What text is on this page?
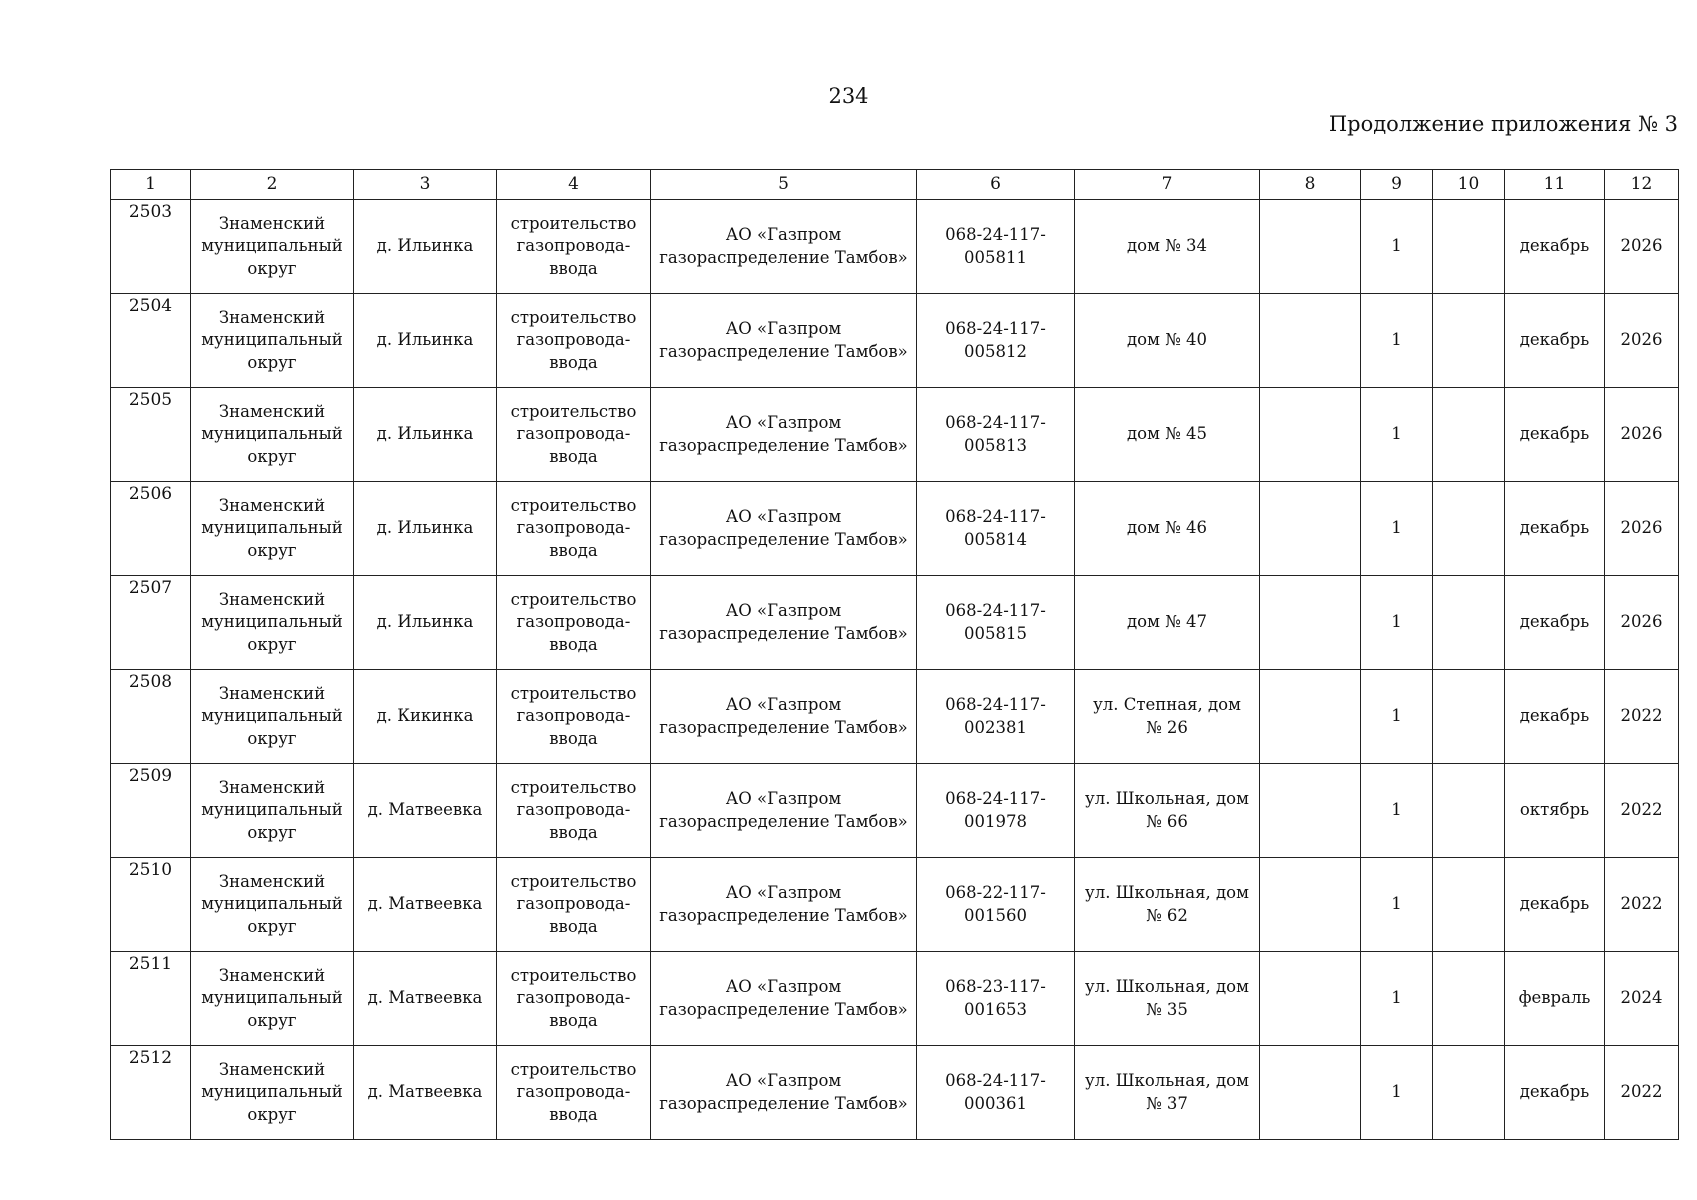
234
Продолжение приложения № 3
1	2	3	4	5	6	7	8	9	10	11	12
2503	Знаменский
муниципальный
округ	д. Ильинка	строительство
газопровода-
ввода	АО «Газпром
газораспределение Тамбов»	068-24-117-
005811	дом № 34		1		декабрь	2026
2504	Знаменский
муниципальный
округ	д. Ильинка	строительство
газопровода-
ввода	АО «Газпром
газораспределение Тамбов»	068-24-117-
005812	дом № 40		1		декабрь	2026
2505	Знаменский
муниципальный
округ	д. Ильинка	строительство
газопровода-
ввода	АО «Газпром
газораспределение Тамбов»	068-24-117-
005813	дом № 45		1		декабрь	2026
2506	Знаменский
муниципальный
округ	д. Ильинка	строительство
газопровода-
ввода	АО «Газпром
газораспределение Тамбов»	068-24-117-
005814	дом № 46		1		декабрь	2026
2507	Знаменский
муниципальный
округ	д. Ильинка	строительство
газопровода-
ввода	АО «Газпром
газораспределение Тамбов»	068-24-117-
005815	дом № 47		1		декабрь	2026
2508	Знаменский
муниципальный
округ	д. Кикинка	строительство
газопровода-
ввода	АО «Газпром
газораспределение Тамбов»	068-24-117-
002381	ул. Степная, дом
№ 26		1		декабрь	2022
2509	Знаменский
муниципальный
округ	д. Матвеевка	строительство
газопровода-
ввода	АО «Газпром
газораспределение Тамбов»	068-24-117-
001978	ул. Школьная, дом
№ 66		1		октябрь	2022
2510	Знаменский
муниципальный
округ	д. Матвеевка	строительство
газопровода-
ввода	АО «Газпром
газораспределение Тамбов»	068-22-117-
001560	ул. Школьная, дом
№ 62		1		декабрь	2022
2511	Знаменский
муниципальный
округ	д. Матвеевка	строительство
газопровода-
ввода	АО «Газпром
газораспределение Тамбов»	068-23-117-
001653	ул. Школьная, дом
№ 35		1		февраль	2024
2512	Знаменский
муниципальный
округ	д. Матвеевка	строительство
газопровода-
ввода	АО «Газпром
газораспределение Тамбов»	068-24-117-
000361	ул. Школьная, дом
№ 37		1		декабрь	2022
